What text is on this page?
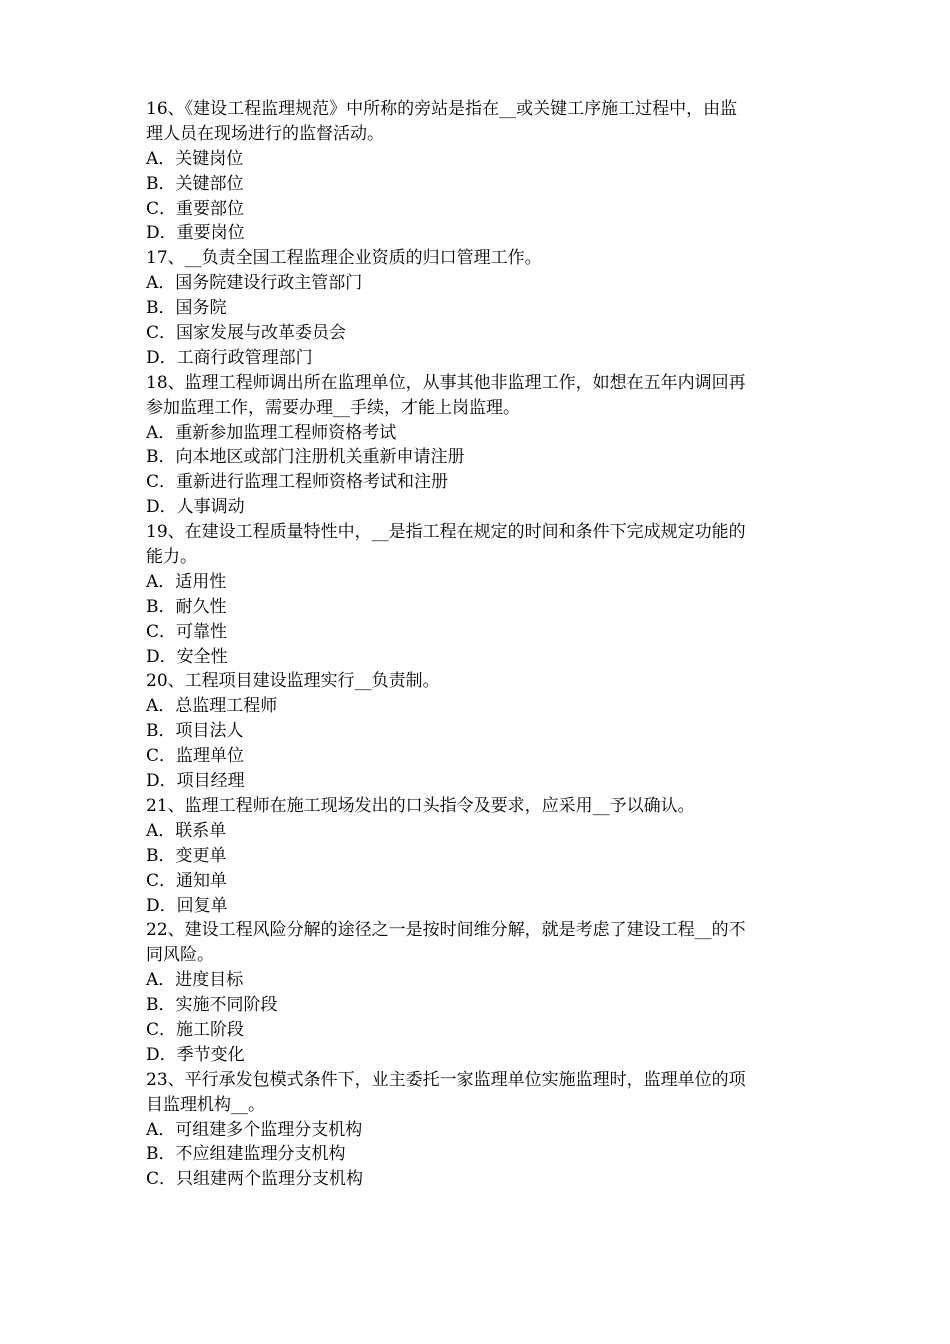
16、《建设工程监理规范》中所称的旁站是指在__或关键工序施工过程中，由监
理人员在现场进行的监督活动。
A．关键岗位
B．关键部位
C．重要部位
D．重要岗位
17、__负责全国工程监理企业资质的归口管理工作。
A．国务院建设行政主管部门
B．国务院
C．国家发展与改革委员会
D．工商行政管理部门
18、监理工程师调出所在监理单位，从事其他非监理工作，如想在五年内调回再
参加监理工作，需要办理__手续，才能上岗监理。
A．重新参加监理工程师资格考试
B．向本地区或部门注册机关重新申请注册
C．重新进行监理工程师资格考试和注册
D．人事调动
19、在建设工程质量特性中，__是指工程在规定的时间和条件下完成规定功能的
能力。
A．适用性
B．耐久性
C．可靠性
D．安全性
20、工程项目建设监理实行__负责制。
A．总监理工程师
B．项目法人
C．监理单位
D．项目经理
21、监理工程师在施工现场发出的口头指令及要求，应采用__予以确认。
A．联系单
B．变更单
C．通知单
D．回复单
22、建设工程风险分解的途径之一是按时间维分解，就是考虑了建设工程__的不
同风险。
A．进度目标
B．实施不同阶段
C．施工阶段
D．季节变化
23、平行承发包模式条件下，业主委托一家监理单位实施监理时，监理单位的项
目监理机构__。
A．可组建多个监理分支机构
B．不应组建监理分支机构
C．只组建两个监理分支机构
